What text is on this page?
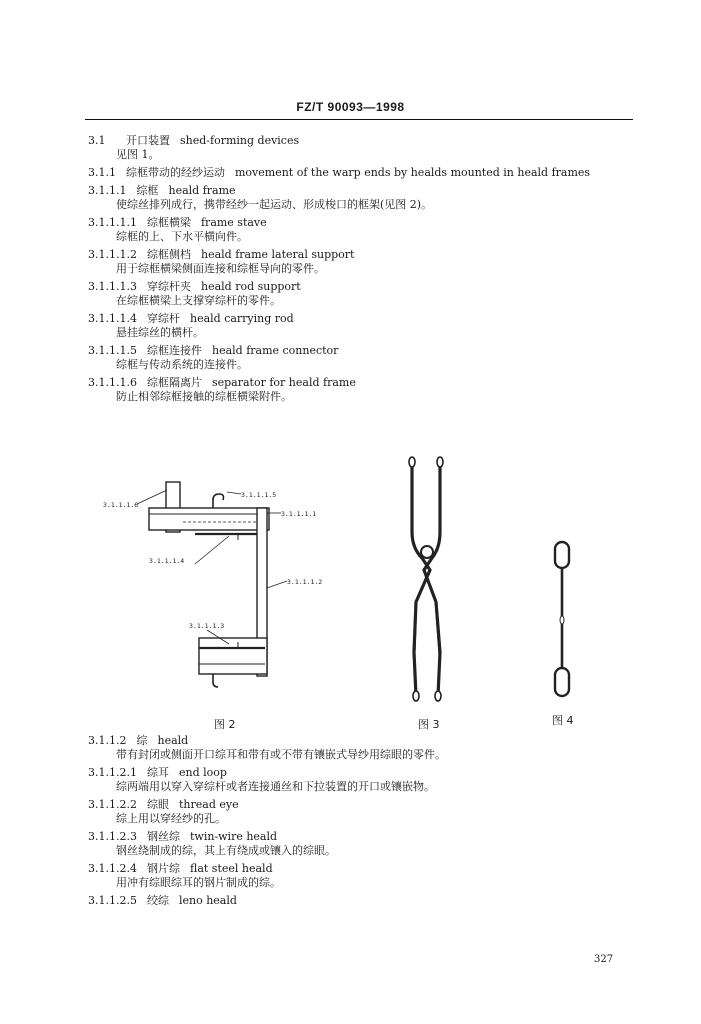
FZ/T 90093—1998
3.1 开口装置 shed-forming devices
见图 1。
3.1.1 综框带动的经纱运动 movement of the warp ends by healds mounted in heald frames
3.1.1.1 综框 heald frame
使综丝排列成行，携带经纱一起运动、形成梭口的框架(见图 2)。
3.1.1.1.1 综框横梁 frame stave
综框的上、下水平横向件。
3.1.1.1.2 综框侧档 heald frame lateral support
用于综框横梁侧面连接和综框导向的零件。
3.1.1.1.3 穿综杆夹 heald rod support
在综框横梁上支撑穿综杆的零件。
3.1.1.1.4 穿综杆 heald carrying rod
悬挂综丝的横杆。
3.1.1.1.5 综框连接件 heald frame connector
综框与传动系统的连接件。
3.1.1.1.6 综框隔离片 separator for heald frame
防止相邻综框接触的综框横梁附件。
3.1.1.1.6
3.1.1.1.5
3.1.1.1.1
3.1.1.1.4
3.1.1.1.2
3.1.1.1.3
图 2	图 3	图 4
3.1.1.2 综 heald
带有封闭或侧面开口综耳和带有或不带有镶嵌式导纱用综眼的零件。
3.1.1.2.1 综耳 end loop
综两端用以穿入穿综杆或者连接通丝和下拉装置的开口或镶嵌物。
3.1.1.2.2 综眼 thread eye
综上用以穿经纱的孔。
3.1.1.2.3 钢丝综 twin-wire heald
钢丝绕制成的综，其上有绕成或镶入的综眼。
3.1.1.2.4 钢片综 flat steel heald
用冲有综眼综耳的钢片制成的综。
3.1.1.2.5 绞综 leno heald
327
